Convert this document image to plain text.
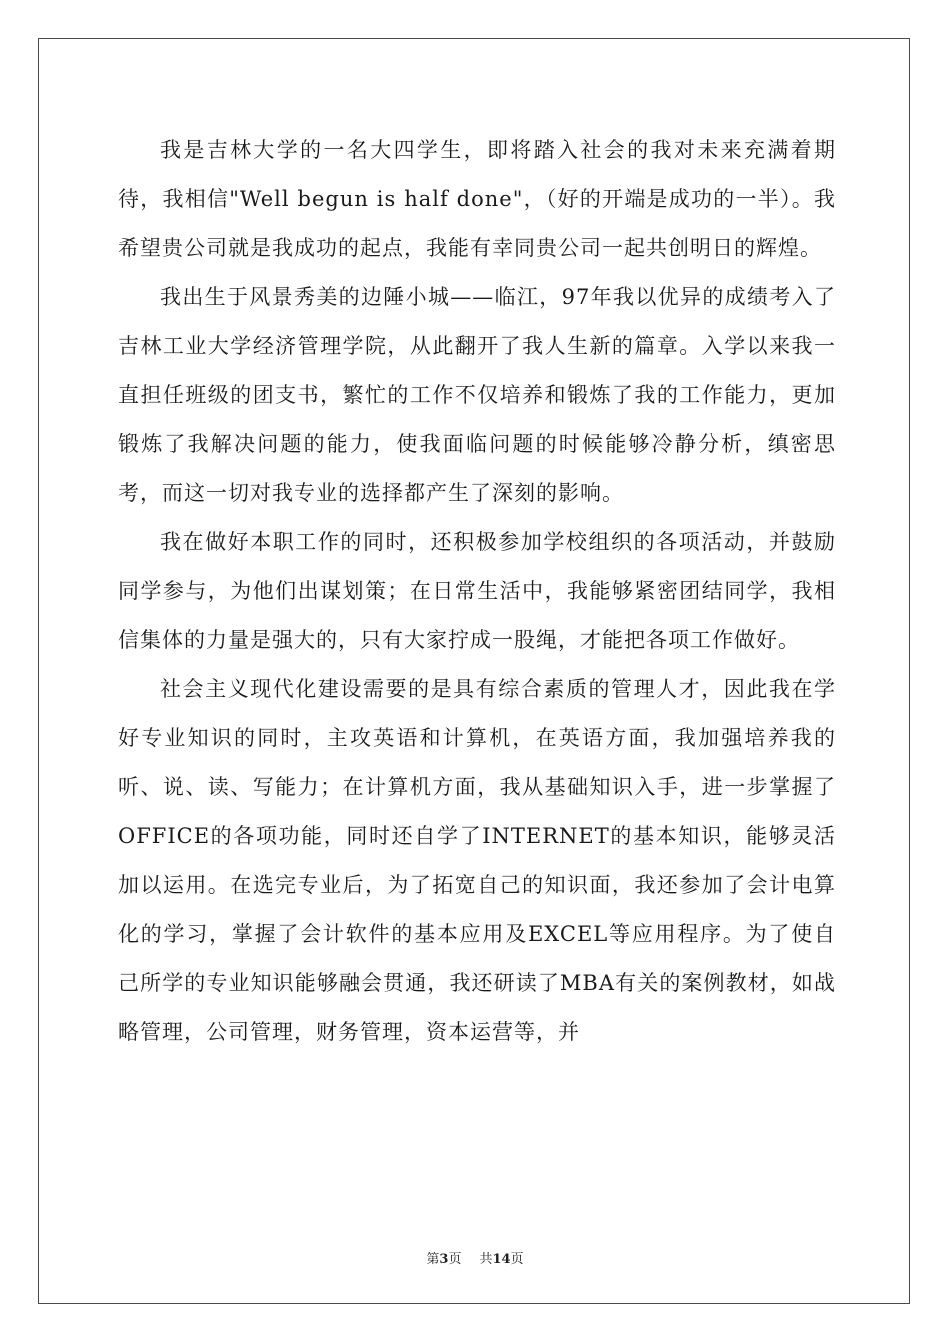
我是吉林大学的一名大四学生，即将踏入社会的我对未来充满着期待，我相信"Well begun is half done"，（好的开端是成功的一半）。我希望贵公司就是我成功的起点，我能有幸同贵公司一起共创明日的辉煌。

我出生于风景秀美的边陲小城——临江，97年我以优异的成绩考入了吉林工业大学经济管理学院，从此翻开了我人生新的篇章。入学以来我一直担任班级的团支书，繁忙的工作不仅培养和锻炼了我的工作能力，更加锻炼了我解决问题的能力，使我面临问题的时候能够冷静分析，缜密思考，而这一切对我专业的选择都产生了深刻的影响。

我在做好本职工作的同时，还积极参加学校组织的各项活动，并鼓励同学参与，为他们出谋划策；在日常生活中，我能够紧密团结同学，我相信集体的力量是强大的，只有大家拧成一股绳，才能把各项工作做好。

社会主义现代化建设需要的是具有综合素质的管理人才，因此我在学好专业知识的同时，主攻英语和计算机，在英语方面，我加强培养我的听、说、读、写能力；在计算机方面，我从基础知识入手，进一步掌握了OFFICE的各项功能，同时还自学了INTERNET的基本知识，能够灵活加以运用。在选完专业后，为了拓宽自己的知识面，我还参加了会计电算化的学习，掌握了会计软件的基本应用及EXCEL等应用程序。为了使自己所学的专业知识能够融会贯通，我还研读了MBA有关的案例教材，如战略管理，公司管理，财务管理，资本运营等，并

第3页 共14页
